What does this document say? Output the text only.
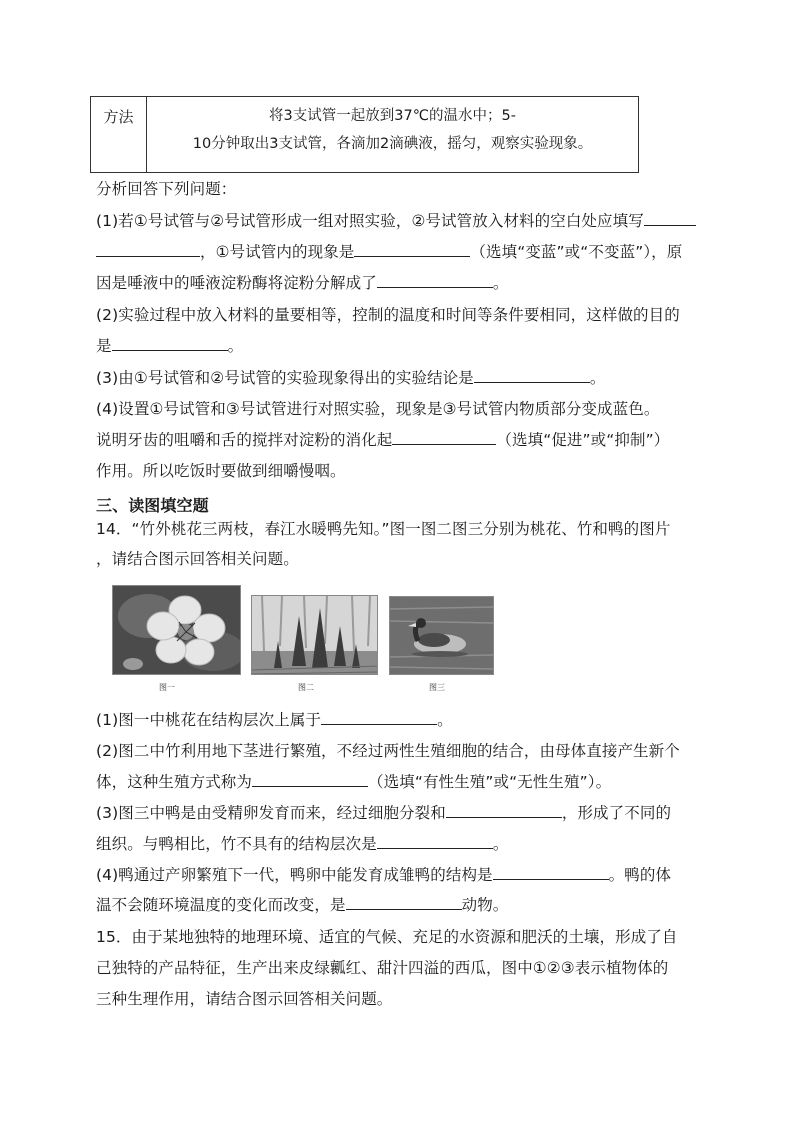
方法	将3支试管一起放到37℃的温水中；5-
10分钟取出3支试管，各滴加2滴碘液，摇匀，观察实验现象。
分析回答下列问题：
(1)若①号试管与②号试管形成一组对照实验，②号试管放入材料的空白处应填写
，①号试管内的现象是	（选填“变蓝”或“不变蓝”），原
因是唾液中的唾液淀粉酶将淀粉分解成了	。
(2)实验过程中放入材料的量要相等，控制的温度和时间等条件要相同，这样做的目的
是	。
(3)由①号试管和②号试管的实验现象得出的实验结论是	。
(4)设置①号试管和③号试管进行对照实验，现象是③号试管内物质部分变成蓝色。
说明牙齿的咀嚼和舌的搅拌对淀粉的消化起	（选填“促进”或“抑制”）
作用。所以吃饭时要做到细嚼慢咽。
三、读图填空题
14．“竹外桃花三两枝，春江水暖鸭先知。”图一图二图三分别为桃花、竹和鸭的图片
，请结合图示回答相关问题。
图一	图二	图三
(1)图一中桃花在结构层次上属于	。
(2)图二中竹利用地下茎进行繁殖，不经过两性生殖细胞的结合，由母体直接产生新个
体，这种生殖方式称为	（选填“有性生殖”或“无性生殖”）。
(3)图三中鸭是由受精卵发育而来，经过细胞分裂和	，形成了不同的
组织。与鸭相比，竹不具有的结构层次是	。
(4)鸭通过产卵繁殖下一代，鸭卵中能发育成雏鸭的结构是	。鸭的体
温不会随环境温度的变化而改变，是	动物。
15．由于某地独特的地理环境、适宜的气候、充足的水资源和肥沃的土壤，形成了自
己独特的产品特征，生产出来皮绿瓤红、甜汁四溢的西瓜，图中①②③表示植物体的
三种生理作用，请结合图示回答相关问题。
